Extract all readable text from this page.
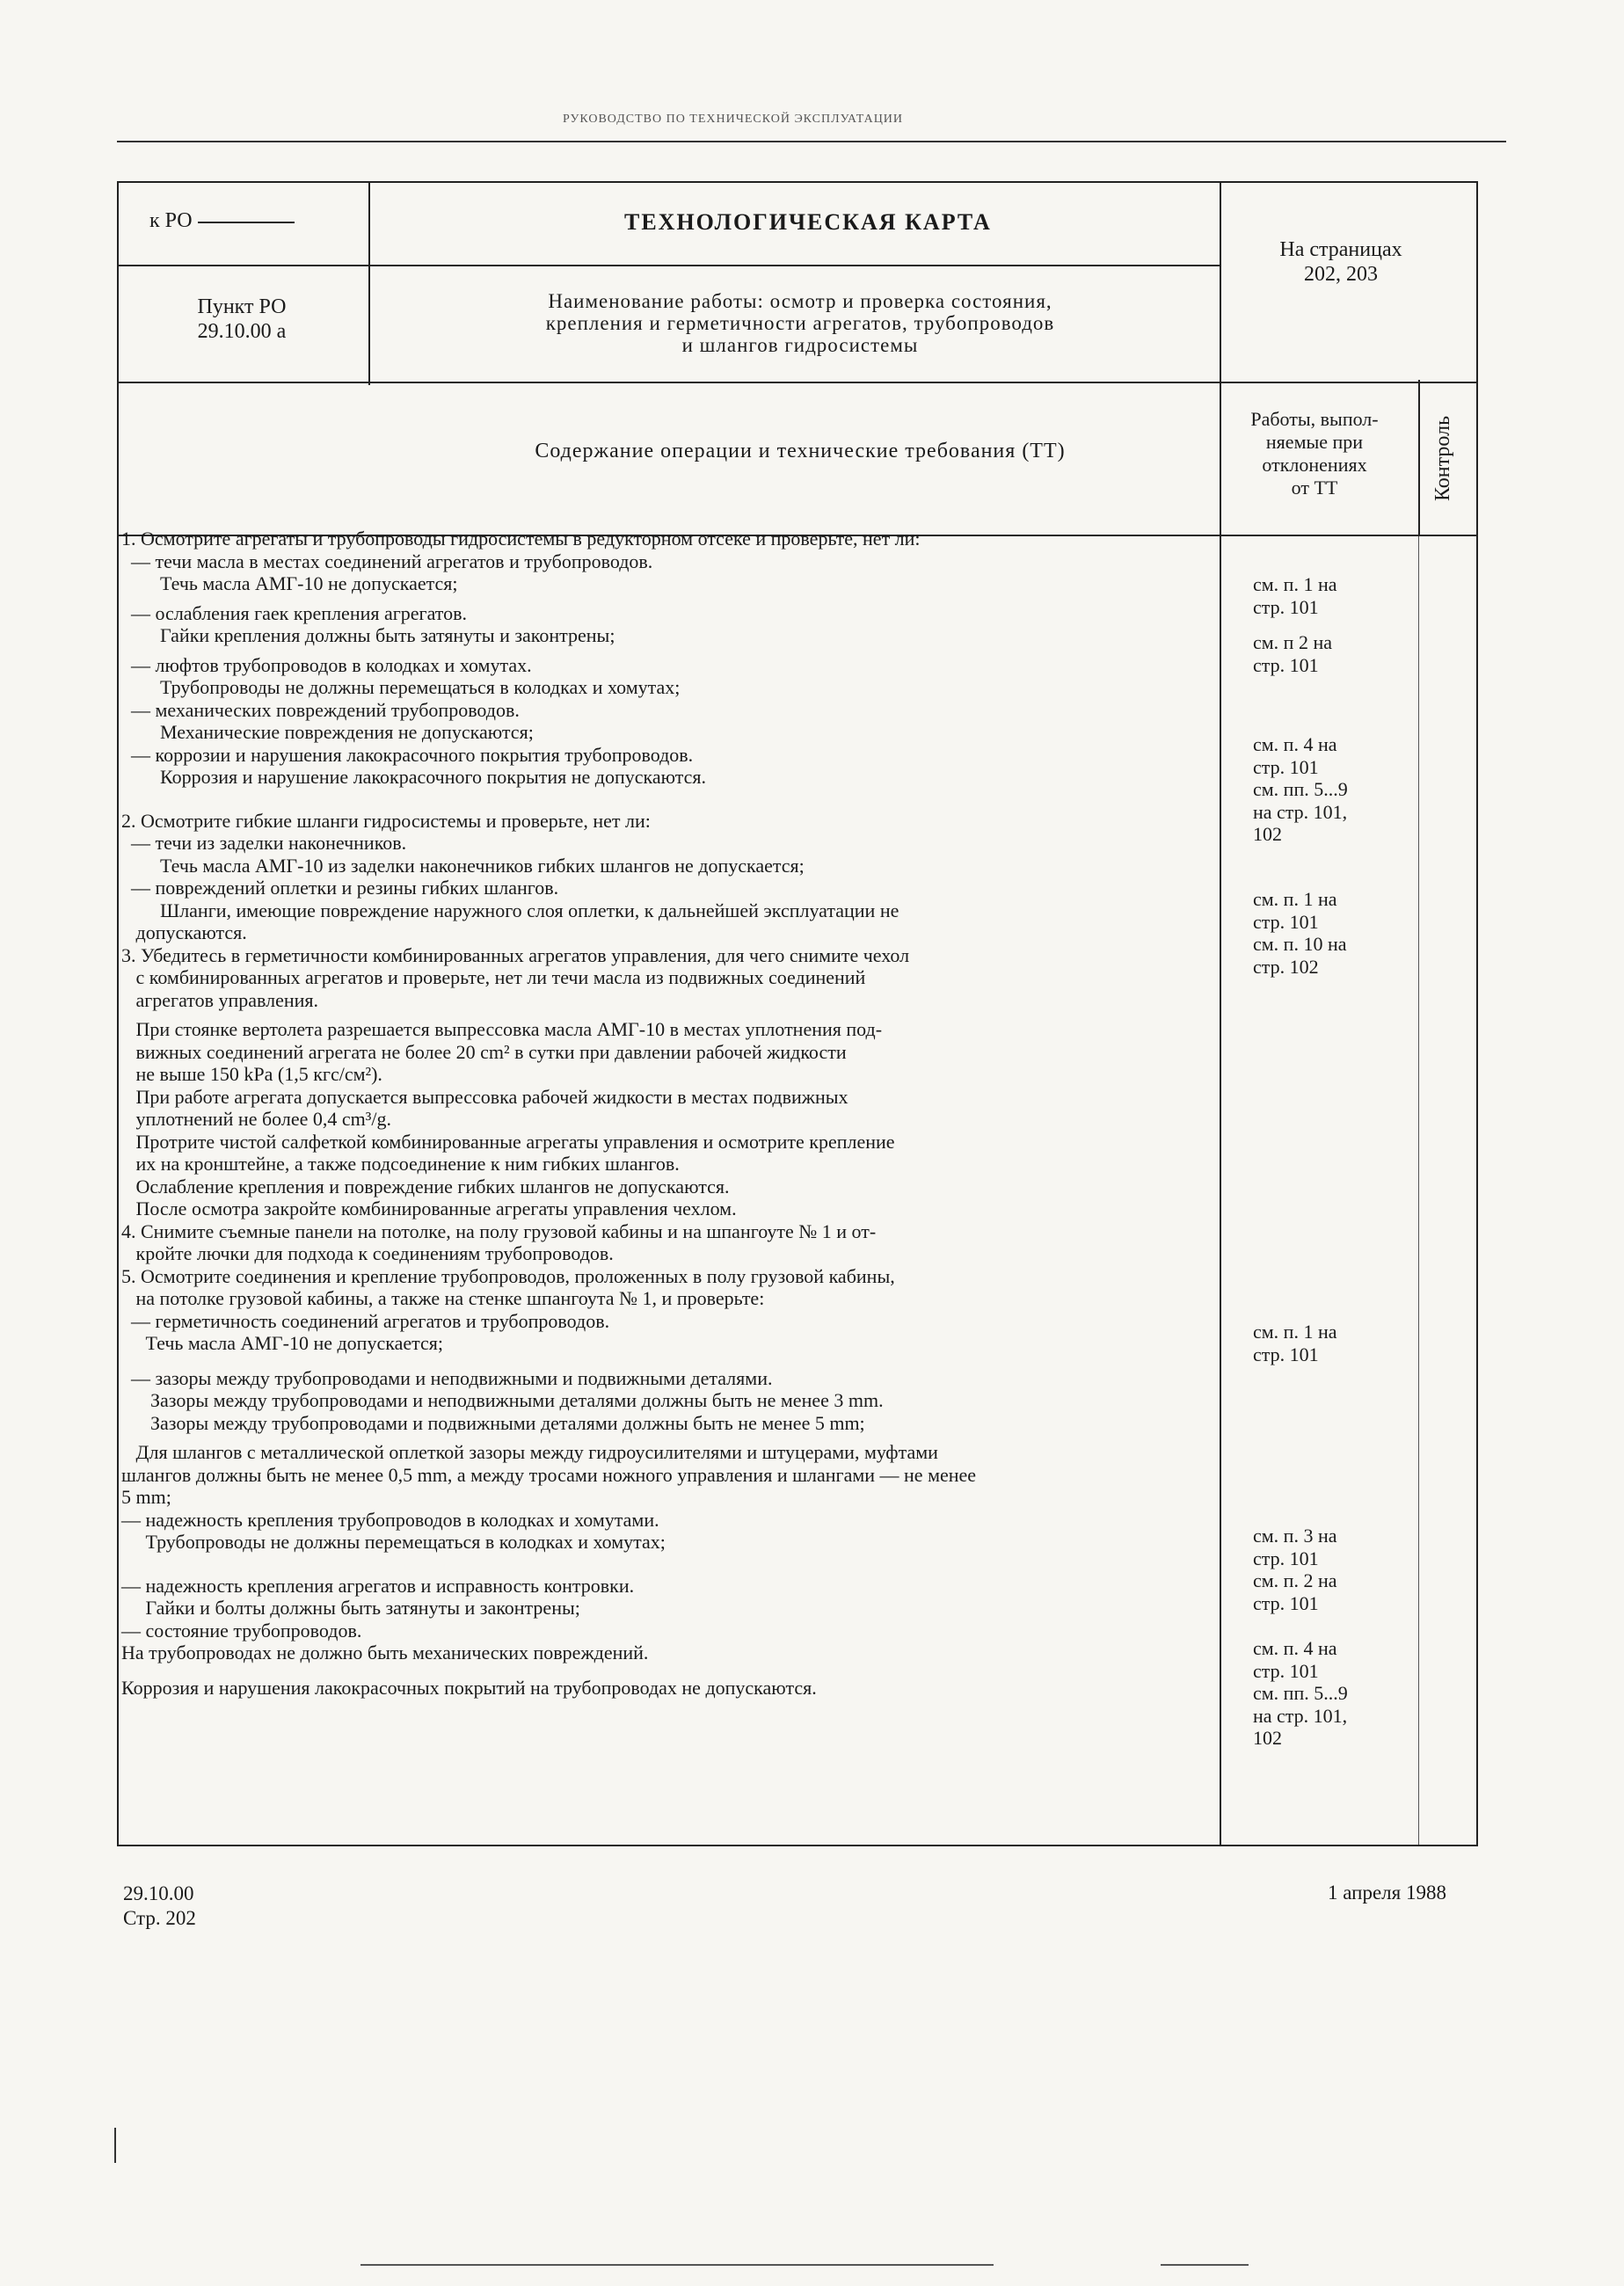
РУКОВОДСТВО ПО ТЕХНИЧЕСКОЙ ЭКСПЛУАТАЦИИ
к РО	ТЕХНОЛОГИЧЕСКАЯ КАРТА
На страницах
202, 203
Пункт РО
29.10.00 а
Наименование работы: осмотр и проверка состояния,
крепления и герметичности агрегатов, трубопроводов
и шлангов гидросистемы
Содержание операции и технические требования (ТТ)
Работы, выпол-
няемые при
отклонениях
от ТТ	Контроль

1. Осмотрите агрегаты и трубопроводы гидросистемы в редукторном отсеке и проверьте, нет ли:

— течи масла в местах соединений агрегатов и трубопроводов.

Течь масла АМГ-10 не допускается;

— ослабления гаек крепления агрегатов.

Гайки крепления должны быть затянуты и законтрены;

— люфтов трубопроводов в колодках и хомутах.

Трубопроводы не должны перемещаться в колодках и хомутах;

— механических повреждений трубопроводов.

Механические повреждения не допускаются;

— коррозии и нарушения лакокрасочного покрытия трубопроводов.

Коррозия и нарушение лакокрасочного покрытия не допускаются.

2. Осмотрите гибкие шланги гидросистемы и проверьте, нет ли:

— течи из заделки наконечников.

Течь масла АМГ-10 из заделки наконечников гибких шлангов не допускается;

— повреждений оплетки и резины гибких шлангов.

Шланги, имеющие повреждение наружного слоя оплетки, к дальнейшей эксплуатации не

допускаются.

3. Убедитесь в герметичности комбинированных агрегатов управления, для чего снимите чехол

с комбинированных агрегатов и проверьте, нет ли течи масла из подвижных соединений

агрегатов управления.

При стоянке вертолета разрешается выпрессовка масла АМГ-10 в местах уплотнения под-

вижных соединений агрегата не более 20 cm² в сутки при давлении рабочей жидкости

не выше 150 kPa (1,5 кгс/см²).

При работе агрегата допускается выпрессовка рабочей жидкости в местах подвижных

уплотнений не более 0,4 cm³/g.

Протрите чистой салфеткой комбинированные агрегаты управления и осмотрите крепление

их на кронштейне, а также подсоединение к ним гибких шлангов.

Ослабление крепления и повреждение гибких шлангов не допускаются.

После осмотра закройте комбинированные агрегаты управления чехлом.

4. Снимите съемные панели на потолке, на полу грузовой кабины и на шпангоуте № 1 и от-

кройте лючки для подхода к соединениям трубопроводов.

5. Осмотрите соединения и крепление трубопроводов, проложенных в полу грузовой кабины,

на потолке грузовой кабины, а также на стенке шпангоута № 1, и проверьте:

— герметичность соединений агрегатов и трубопроводов.

Течь масла АМГ-10 не допускается;

— зазоры между трубопроводами и неподвижными и подвижными деталями.

Зазоры между трубопроводами и неподвижными деталями должны быть не менее 3 mm.

Зазоры между трубопроводами и подвижными деталями должны быть не менее 5 mm;

Для шлангов с металлической оплеткой зазоры между гидроусилителями и штуцерами, муфтами

шлангов должны быть не менее 0,5 mm, а между тросами ножного управления и шлангами — не менее

5 mm;

— надежность крепления трубопроводов в колодках и хомутами.

Трубопроводы не должны перемещаться в колодках и хомутах;

— надежность крепления агрегатов и исправность контровки.

Гайки и болты должны быть затянуты и законтрены;

— состояние трубопроводов.

На трубопроводах не должно быть механических повреждений.

Коррозия и нарушения лакокрасочных покрытий на трубопроводах не допускаются.

см. п. 1 на

стр. 101

см. п 2 на

стр. 101

см. п. 4 на

стр. 101

см. пп. 5...9

на стр. 101,

102

см. п. 1 на

стр. 101

см. п. 10 на

стр. 102

см. п. 1 на

стр. 101

см. п. 3 на

стр. 101

см. п. 2 на

стр. 101

см. п. 4 на

стр. 101

см. пп. 5...9

на стр. 101,

102

29.10.00
Стр. 202
1 апреля 1988
